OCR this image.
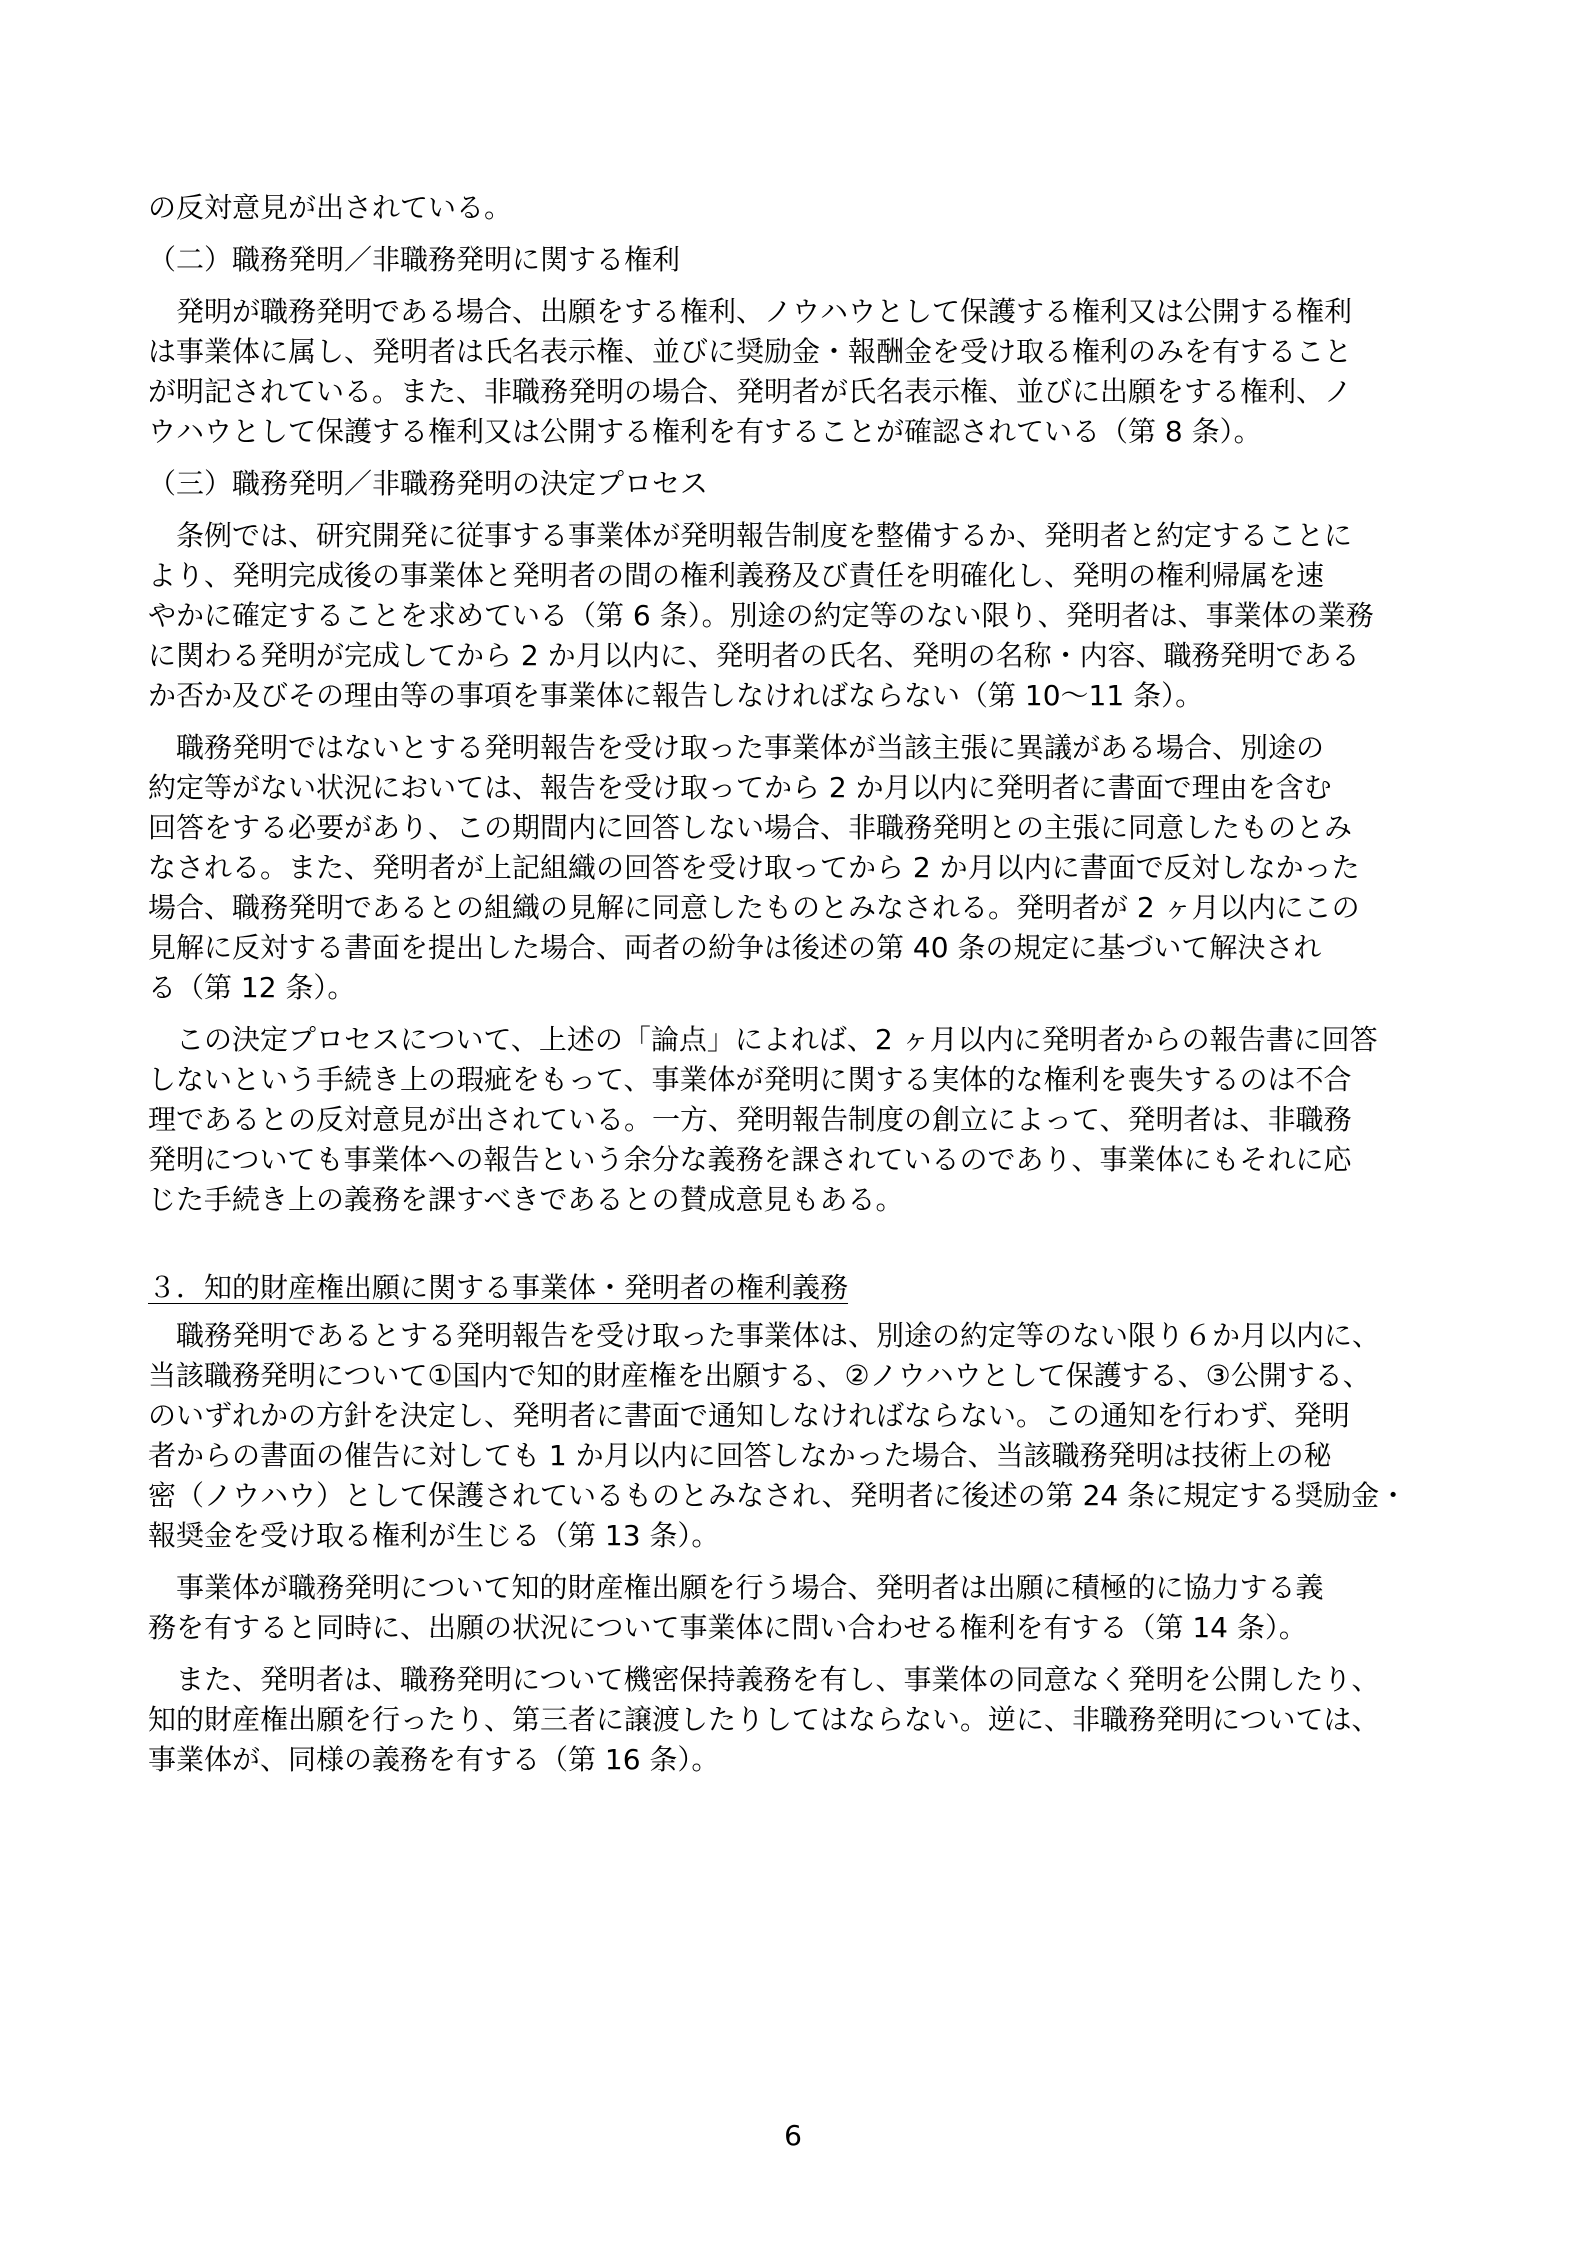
の反対意見が出されている。

（二）職務発明／非職務発明に関する権利

発明が職務発明である場合、出願をする権利、ノウハウとして保護する権利又は公開する権利

は事業体に属し、発明者は氏名表示権、並びに奨励金・報酬金を受け取る権利のみを有すること

が明記されている。また、非職務発明の場合、発明者が氏名表示権、並びに出願をする権利、ノ

ウハウとして保護する権利又は公開する権利を有することが確認されている（第 8 条）。

（三）職務発明／非職務発明の決定プロセス

条例では、研究開発に従事する事業体が発明報告制度を整備するか、発明者と約定することに

より、発明完成後の事業体と発明者の間の権利義務及び責任を明確化し、発明の権利帰属を速

やかに確定することを求めている（第 6 条）。別途の約定等のない限り、発明者は、事業体の業務

に関わる発明が完成してから 2 か月以内に、発明者の氏名、発明の名称・内容、職務発明である

か否か及びその理由等の事項を事業体に報告しなければならない（第 10〜11 条）。

職務発明ではないとする発明報告を受け取った事業体が当該主張に異議がある場合、別途の

約定等がない状況においては、報告を受け取ってから 2 か月以内に発明者に書面で理由を含む

回答をする必要があり、この期間内に回答しない場合、非職務発明との主張に同意したものとみ

なされる。また、発明者が上記組織の回答を受け取ってから 2 か月以内に書面で反対しなかった

場合、職務発明であるとの組織の見解に同意したものとみなされる。発明者が 2 ヶ月以内にこの

見解に反対する書面を提出した場合、両者の紛争は後述の第 40 条の規定に基づいて解決され

る（第 12 条）。

この決定プロセスについて、上述の「論点」によれば、2 ヶ月以内に発明者からの報告書に回答

しないという手続き上の瑕疵をもって、事業体が発明に関する実体的な権利を喪失するのは不合

理であるとの反対意見が出されている。一方、発明報告制度の創立によって、発明者は、非職務

発明についても事業体への報告という余分な義務を課されているのであり、事業体にもそれに応

じた手続き上の義務を課すべきであるとの賛成意見もある。

３．知的財産権出願に関する事業体・発明者の権利義務

職務発明であるとする発明報告を受け取った事業体は、別途の約定等のない限り６か月以内に、

当該職務発明について①国内で知的財産権を出願する、②ノウハウとして保護する、③公開する、

のいずれかの方針を決定し、発明者に書面で通知しなければならない。この通知を行わず、発明

者からの書面の催告に対しても 1 か月以内に回答しなかった場合、当該職務発明は技術上の秘

密（ノウハウ）として保護されているものとみなされ、発明者に後述の第 24 条に規定する奨励金・

報奨金を受け取る権利が生じる（第 13 条）。

事業体が職務発明について知的財産権出願を行う場合、発明者は出願に積極的に協力する義

務を有すると同時に、出願の状況について事業体に問い合わせる権利を有する（第 14 条）。

また、発明者は、職務発明について機密保持義務を有し、事業体の同意なく発明を公開したり、

知的財産権出願を行ったり、第三者に譲渡したりしてはならない。逆に、非職務発明については、

事業体が、同様の義務を有する（第 16 条）。

6
